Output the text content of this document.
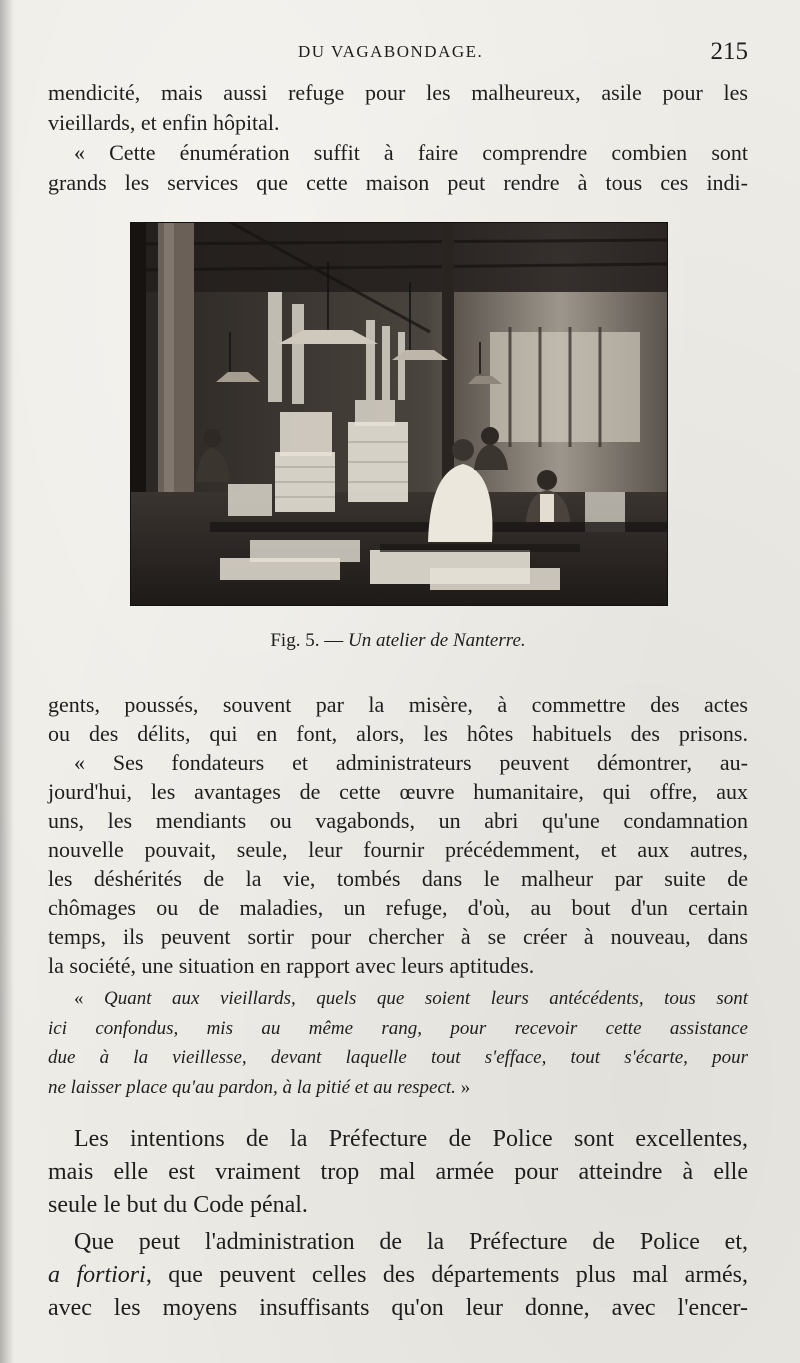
DU VAGABONDAGE.	215
mendicité, mais aussi refuge pour les malheureux, asile pour les
vieillards, et enfin hôpital.
« Cette énumération suffit à faire comprendre combien sont
grands les services que cette maison peut rendre à tous ces indi-
Fig. 5. — Un atelier de Nanterre.
gents, poussés, souvent par la misère, à commettre des actes
ou des délits, qui en font, alors, les hôtes habituels des prisons.
« Ses fondateurs et administrateurs peuvent démontrer, au-
jourd'hui, les avantages de cette œuvre humanitaire, qui offre, aux
uns, les mendiants ou vagabonds, un abri qu'une condamnation
nouvelle pouvait, seule, leur fournir précédemment, et aux autres,
les déshérités de la vie, tombés dans le malheur par suite de
chômages ou de maladies, un refuge, d'où, au bout d'un certain
temps, ils peuvent sortir pour chercher à se créer à nouveau, dans
la société, une situation en rapport avec leurs aptitudes.
« Quant aux vieillards, quels que soient leurs antécédents, tous sont
ici confondus, mis au même rang, pour recevoir cette assistance
due à la vieillesse, devant laquelle tout s'efface, tout s'écarte, pour
ne laisser place qu'au pardon, à la pitié et au respect. »
Les intentions de la Préfecture de Police sont excellentes,
mais elle est vraiment trop mal armée pour atteindre à elle
seule le but du Code pénal.
Que peut l'administration de la Préfecture de Police et,
a fortiori, que peuvent celles des départements plus mal armés,
avec les moyens insuffisants qu'on leur donne, avec l'encer-
